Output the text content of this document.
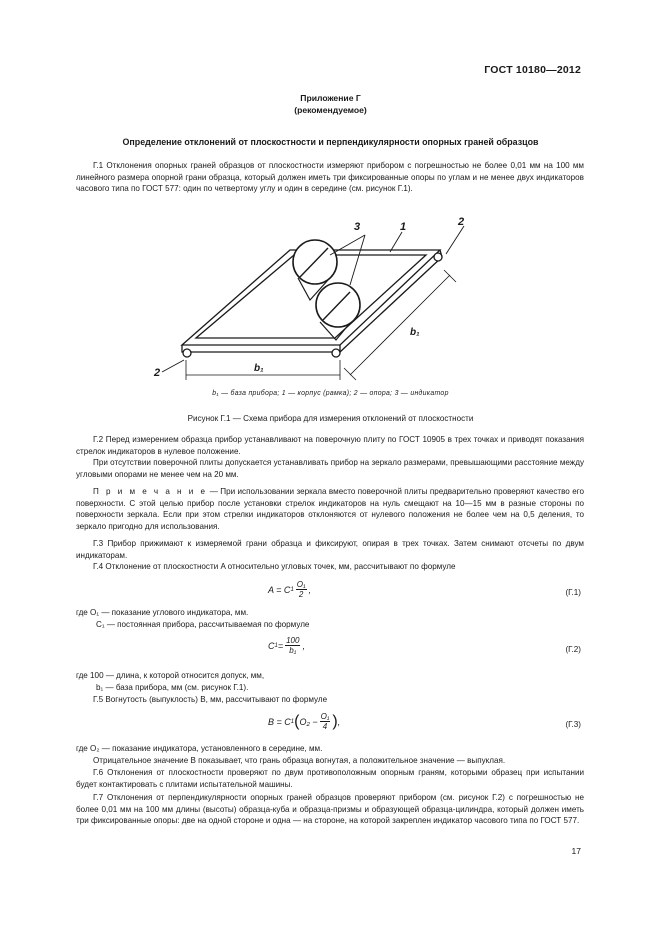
ГОСТ 10180—2012
Приложение Г
(рекомендуемое)
Определение отклонений от плоскостности и перпендикулярности опорных граней образцов
Г.1 Отклонения опорных граней образцов от плоскостности измеряют прибором с погрешностью не более 0,01 мм на 100 мм линейного размера опорной грани образца, который должен иметь три фиксированные опоры по углам и не менее двух индикаторов часового типа по ГОСТ 577: один по четвертому углу и один в середине (см. рисунок Г.1).
3	1	2
2	b₁
b₁
b₁ — база прибора; 1 — корпус (рамка); 2 — опора; 3 — индикатор
Рисунок Г.1 — Схема прибора для измерения отклонений от плоскостности
Г.2 Перед измерением образца прибор устанавливают на поверочную плиту по ГОСТ 10905 в трех точках и приводят показания стрелок индикаторов в нулевое положение.
При отсутствии поверочной плиты допускается устанавливать прибор на зеркало размерами, превышающими расстояние между угловыми опорами не менее чем на 20 мм.
П р и м е ч а н и е — При использовании зеркала вместо поверочной плиты предварительно проверяют качество его поверхности. С этой целью прибор после установки стрелок индикаторов на нуль смещают на 10—15 мм в разные стороны по поверхности зеркала. Если при этом стрелки индикаторов отклоняются от нулевого положения не более чем на 0,5 деления, то зеркало пригодно для использования.
Г.3 Прибор прижимают к измеряемой грани образца и фиксируют, опирая в трех точках. Затем снимают отсчеты по двум индикаторам.
Г.4 Отклонение от плоскостности A относительно угловых точек, мм, рассчитывают по формуле
A = C $1 \frac{\text{O₁}}{2}$ ,	(Г.1)
где O₁ — показание углового индикатора, мм.
C₁ — постоянная прибора, рассчитываемая по формуле
C $1 = \frac{100}{\text{b₁}}$ ,	(Г.2)
где 100 — длина, к которой относится допуск, мм,
b₁ — база прибора, мм (см. рисунок Г.1).
Г.5 Вогнутость (выпуклость) B, мм, рассчитывают по формуле
B = C 1 ( $O_2 - \frac{\text{O₁}}{4}$ ) ,	(Г.3)
где O₂ — показание индикатора, установленного в середине, мм.
Отрицательное значение B показывает, что грань образца вогнутая, а положительное значение — выпуклая.
Г.6 Отклонения от плоскостности проверяют по двум противоположным опорным граням, которыми образец при испытании будет контактировать с плитами испытательной машины.
Г.7 Отклонения от перпендикулярности опорных граней образцов проверяют прибором (см. рисунок Г.2) с погрешностью не более 0,01 мм на 100 мм длины (высоты) образца-куба и образца-призмы и образующей образца-цилиндра, который должен иметь три фиксированные опоры: две на одной стороне и одна — на стороне, на которой закреплен индикатор часового типа по ГОСТ 577.
17
